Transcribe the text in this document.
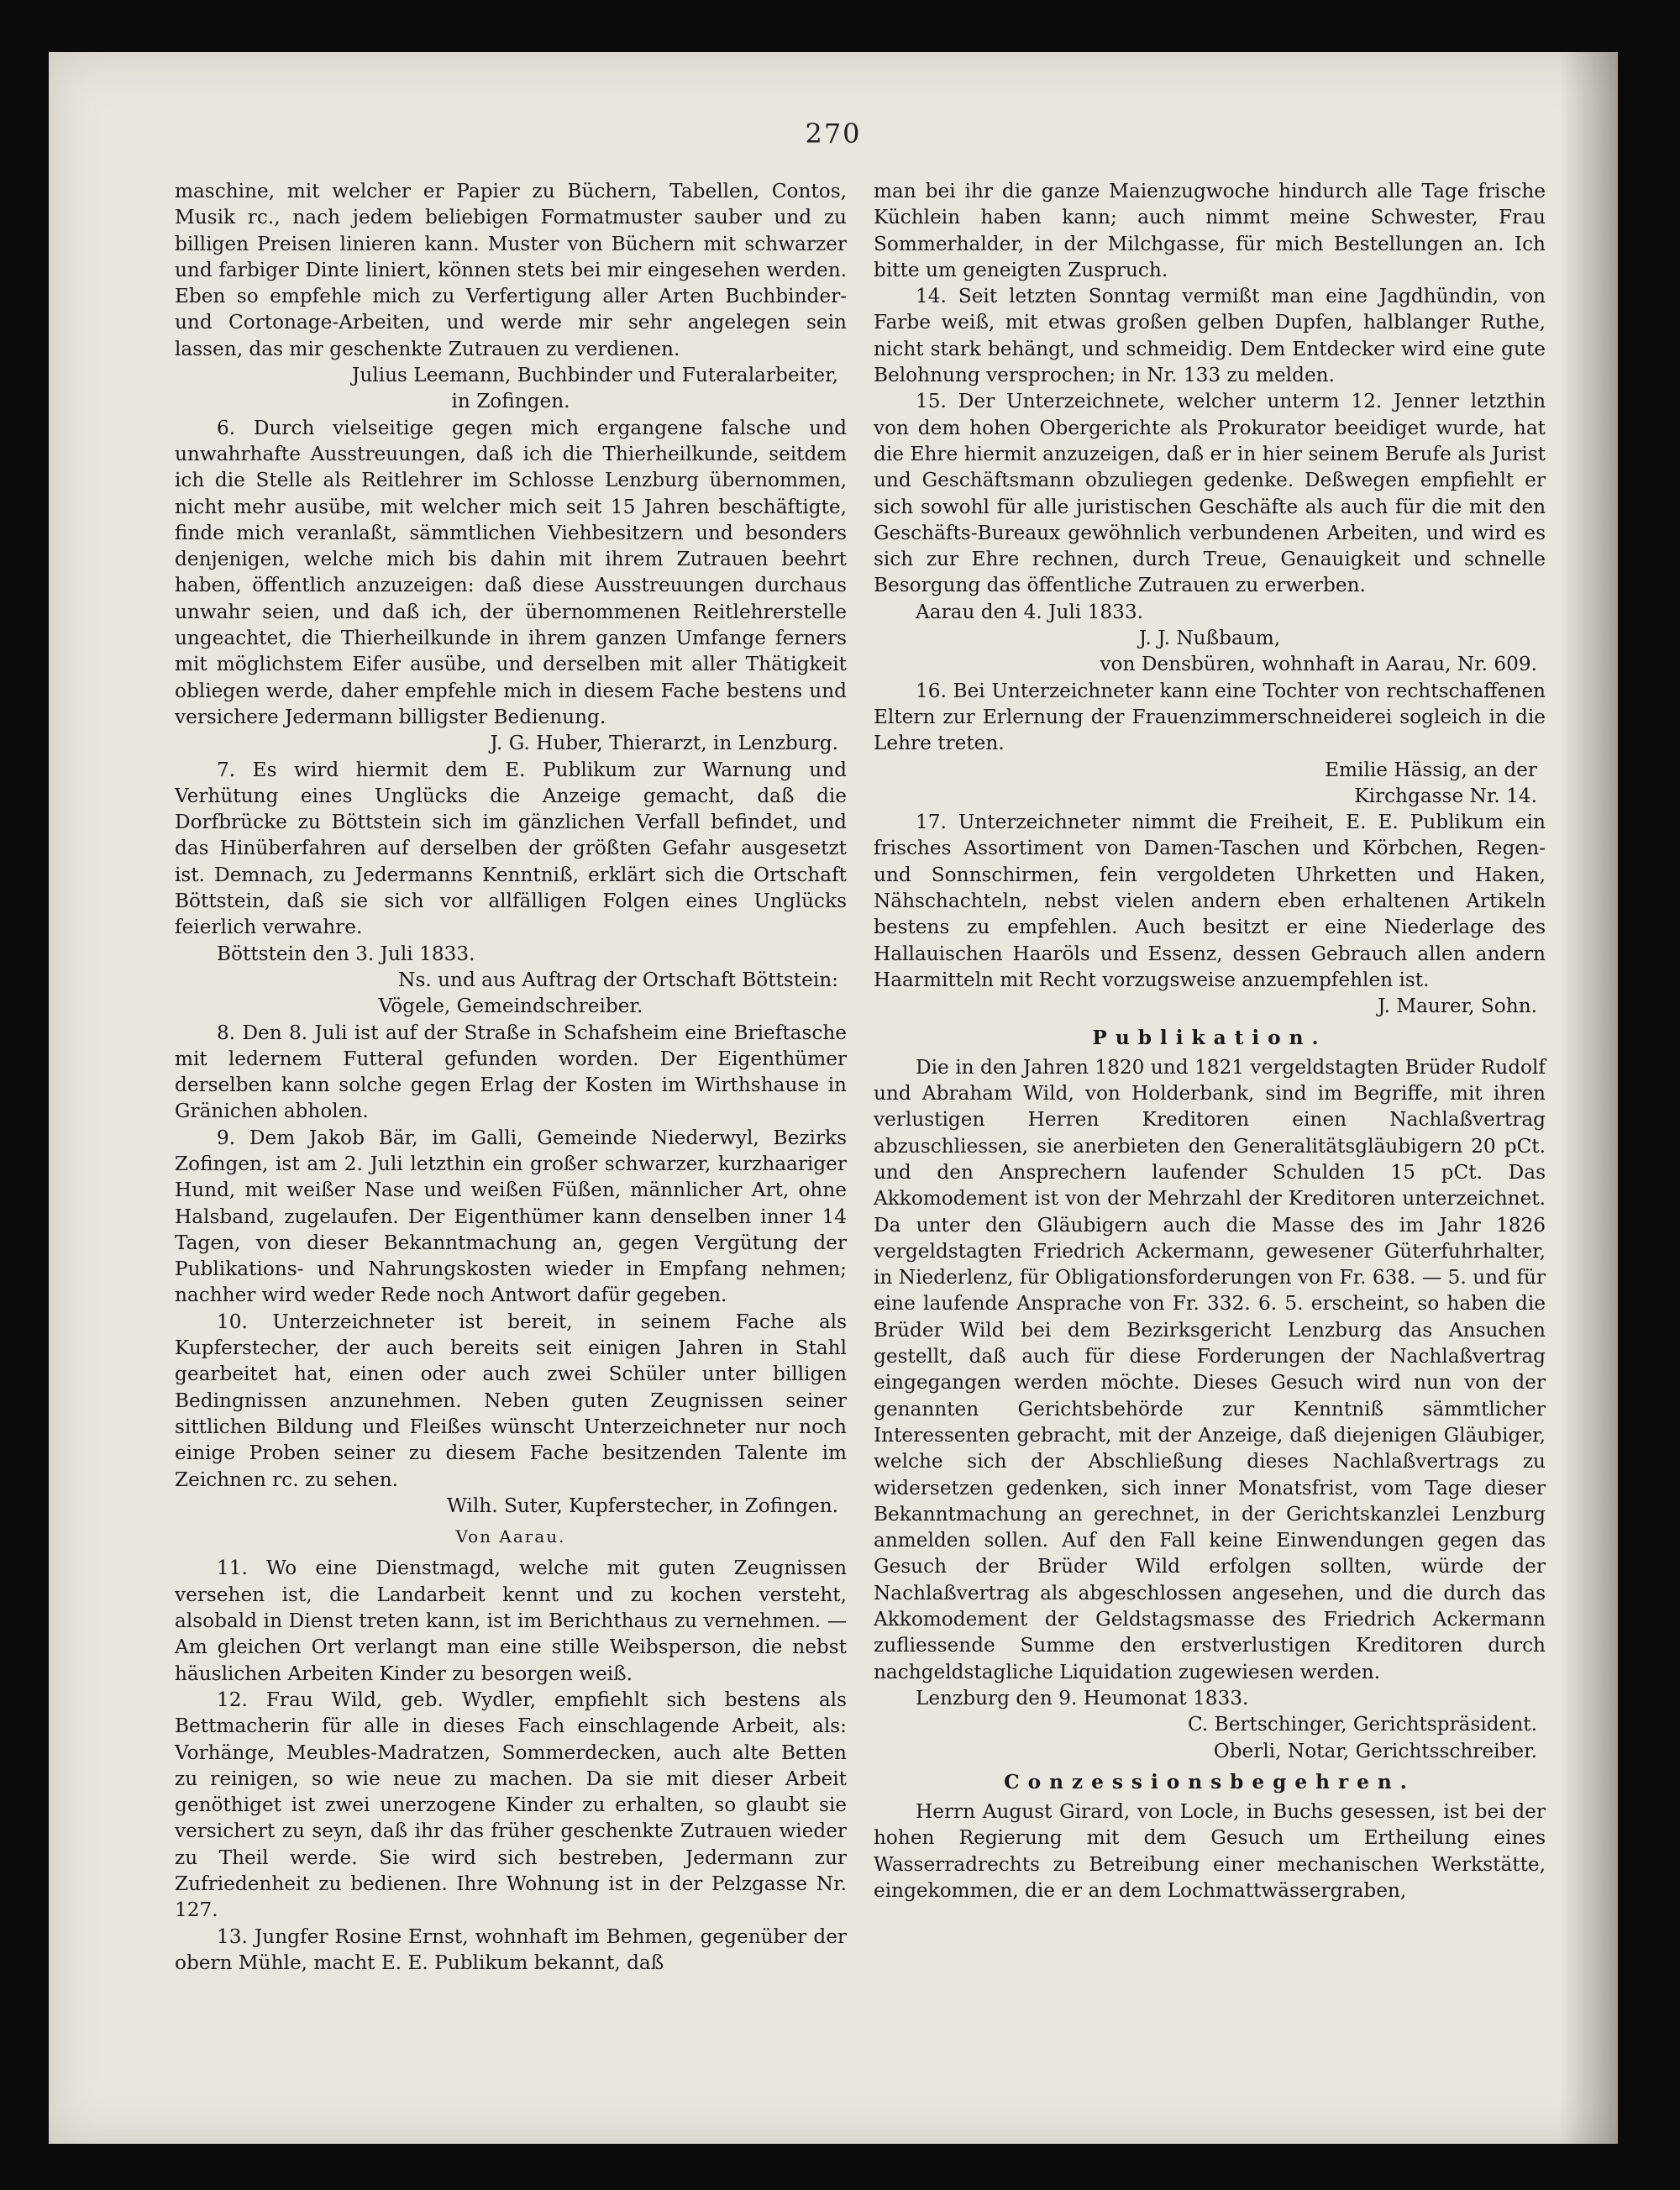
270

maschine, mit welcher er Papier zu Büchern, Tabellen, Contos, Musik rc., nach jedem beliebigen Formatmuster sauber und zu billigen Preisen linieren kann. Muster von Büchern mit schwarzer und farbiger Dinte liniert, können stets bei mir eingesehen werden. Eben so empfehle mich zu Verfertigung aller Arten Buchbinder- und Cortonage-Arbeiten, und werde mir sehr angelegen sein lassen, das mir geschenkte Zutrauen zu verdienen.

Julius Leemann, Buchbinder und Futeralarbeiter,

in Zofingen.

6. Durch vielseitige gegen mich ergangene falsche und unwahrhafte Ausstreuungen, daß ich die Thierheilkunde, seitdem ich die Stelle als Reitlehrer im Schlosse Lenzburg übernommen, nicht mehr ausübe, mit welcher mich seit 15 Jahren beschäftigte, finde mich veranlaßt, sämmtlichen Viehbesitzern und besonders denjenigen, welche mich bis dahin mit ihrem Zutrauen beehrt haben, öffentlich anzuzeigen: daß diese Ausstreuungen durchaus unwahr seien, und daß ich, der übernommenen Reitlehrerstelle ungeachtet, die Thierheilkunde in ihrem ganzen Umfange ferners mit möglichstem Eifer ausübe, und derselben mit aller Thätigkeit obliegen werde, daher empfehle mich in diesem Fache bestens und versichere Jedermann billigster Bedienung.

J. G. Huber, Thierarzt, in Lenzburg.

7. Es wird hiermit dem E. Publikum zur Warnung und Verhütung eines Unglücks die Anzeige gemacht, daß die Dorfbrücke zu Böttstein sich im gänzlichen Verfall befindet, und das Hinüberfahren auf derselben der größten Gefahr ausgesetzt ist. Demnach, zu Jedermanns Kenntniß, erklärt sich die Ortschaft Böttstein, daß sie sich vor allfälligen Folgen eines Unglücks feierlich verwahre.

Böttstein den 3. Juli 1833.

Ns. und aus Auftrag der Ortschaft Böttstein:

Vögele, Gemeindschreiber.

8. Den 8. Juli ist auf der Straße in Schafsheim eine Brieftasche mit ledernem Futteral gefunden worden. Der Eigenthümer derselben kann solche gegen Erlag der Kosten im Wirthshause in Gränichen abholen.

9. Dem Jakob Bär, im Galli, Gemeinde Niederwyl, Bezirks Zofingen, ist am 2. Juli letzthin ein großer schwarzer, kurzhaariger Hund, mit weißer Nase und weißen Füßen, männlicher Art, ohne Halsband, zugelaufen. Der Eigenthümer kann denselben inner 14 Tagen, von dieser Bekanntmachung an, gegen Vergütung der Publikations- und Nahrungskosten wieder in Empfang nehmen; nachher wird weder Rede noch Antwort dafür gegeben.

10. Unterzeichneter ist bereit, in seinem Fache als Kupferstecher, der auch bereits seit einigen Jahren in Stahl gearbeitet hat, einen oder auch zwei Schüler unter billigen Bedingnissen anzunehmen. Neben guten Zeugnissen seiner sittlichen Bildung und Fleißes wünscht Unterzeichneter nur noch einige Proben seiner zu diesem Fache besitzenden Talente im Zeichnen rc. zu sehen.

Wilh. Suter, Kupferstecher, in Zofingen.

Von Aarau.

11. Wo eine Dienstmagd, welche mit guten Zeugnissen versehen ist, die Landarbeit kennt und zu kochen versteht, alsobald in Dienst treten kann, ist im Berichthaus zu vernehmen. — Am gleichen Ort verlangt man eine stille Weibsperson, die nebst häuslichen Arbeiten Kinder zu besorgen weiß.

12. Frau Wild, geb. Wydler, empfiehlt sich bestens als Bettmacherin für alle in dieses Fach einschlagende Arbeit, als: Vorhänge, Meubles-Madratzen, Sommerdecken, auch alte Betten zu reinigen, so wie neue zu machen. Da sie mit dieser Arbeit genöthiget ist zwei unerzogene Kinder zu erhalten, so glaubt sie versichert zu seyn, daß ihr das früher geschenkte Zutrauen wieder zu Theil werde. Sie wird sich bestreben, Jedermann zur Zufriedenheit zu bedienen. Ihre Wohnung ist in der Pelzgasse Nr. 127.

13. Jungfer Rosine Ernst, wohnhaft im Behmen, gegenüber der obern Mühle, macht E. E. Publikum bekannt, daß

man bei ihr die ganze Maienzugwoche hindurch alle Tage frische Küchlein haben kann; auch nimmt meine Schwester, Frau Sommerhalder, in der Milchgasse, für mich Bestellungen an. Ich bitte um geneigten Zuspruch.

14. Seit letzten Sonntag vermißt man eine Jagdhündin, von Farbe weiß, mit etwas großen gelben Dupfen, halblanger Ruthe, nicht stark behängt, und schmeidig. Dem Entdecker wird eine gute Belohnung versprochen; in Nr. 133 zu melden.

15. Der Unterzeichnete, welcher unterm 12. Jenner letzthin von dem hohen Obergerichte als Prokurator beeidiget wurde, hat die Ehre hiermit anzuzeigen, daß er in hier seinem Berufe als Jurist und Geschäftsmann obzuliegen gedenke. Deßwegen empfiehlt er sich sowohl für alle juristischen Geschäfte als auch für die mit den Geschäfts-Bureaux gewöhnlich verbundenen Arbeiten, und wird es sich zur Ehre rechnen, durch Treue, Genauigkeit und schnelle Besorgung das öffentliche Zutrauen zu erwerben.

Aarau den 4. Juli 1833.

J. J. Nußbaum,

von Densbüren, wohnhaft in Aarau, Nr. 609.

16. Bei Unterzeichneter kann eine Tochter von rechtschaffenen Eltern zur Erlernung der Frauenzimmerschneiderei sogleich in die Lehre treten.

Emilie Hässig, an der

Kirchgasse Nr. 14.

17. Unterzeichneter nimmt die Freiheit, E. E. Publikum ein frisches Assortiment von Damen-Taschen und Körbchen, Regen- und Sonnschirmen, fein vergoldeten Uhrketten und Haken, Nähschachteln, nebst vielen andern eben erhaltenen Artikeln bestens zu empfehlen. Auch besitzt er eine Niederlage des Hallauischen Haaröls und Essenz, dessen Gebrauch allen andern Haarmitteln mit Recht vorzugsweise anzuempfehlen ist.

J. Maurer, Sohn.

Publikation.

Die in den Jahren 1820 und 1821 vergeldstagten Brüder Rudolf und Abraham Wild, von Holderbank, sind im Begriffe, mit ihren verlustigen Herren Kreditoren einen Nachlaßvertrag abzuschliessen, sie anerbieten den Generalitätsgläubigern 20 pCt. und den Ansprechern laufender Schulden 15 pCt. Das Akkomodement ist von der Mehrzahl der Kreditoren unterzeichnet. Da unter den Gläubigern auch die Masse des im Jahr 1826 vergeldstagten Friedrich Ackermann, gewesener Güterfuhrhalter, in Niederlenz, für Obligationsforderungen von Fr. 638. — 5. und für eine laufende Ansprache von Fr. 332. 6. 5. erscheint, so haben die Brüder Wild bei dem Bezirksgericht Lenzburg das Ansuchen gestellt, daß auch für diese Forderungen der Nachlaßvertrag eingegangen werden möchte. Dieses Gesuch wird nun von der genannten Gerichtsbehörde zur Kenntniß sämmtlicher Interessenten gebracht, mit der Anzeige, daß diejenigen Gläubiger, welche sich der Abschließung dieses Nachlaßvertrags zu widersetzen gedenken, sich inner Monatsfrist, vom Tage dieser Bekanntmachung an gerechnet, in der Gerichtskanzlei Lenzburg anmelden sollen. Auf den Fall keine Einwendungen gegen das Gesuch der Brüder Wild erfolgen sollten, würde der Nachlaßvertrag als abgeschlossen angesehen, und die durch das Akkomodement der Geldstagsmasse des Friedrich Ackermann zufliessende Summe den erstverlustigen Kreditoren durch nachgeldstagliche Liquidation zugewiesen werden.

Lenzburg den 9. Heumonat 1833.

C. Bertschinger, Gerichtspräsident.

Oberli, Notar, Gerichtsschreiber.

Conzessionsbegehren.

Herrn August Girard, von Locle, in Buchs gesessen, ist bei der hohen Regierung mit dem Gesuch um Ertheilung eines Wasserradrechts zu Betreibung einer mechanischen Werkstätte, eingekommen, die er an dem Lochmattwässergraben,
